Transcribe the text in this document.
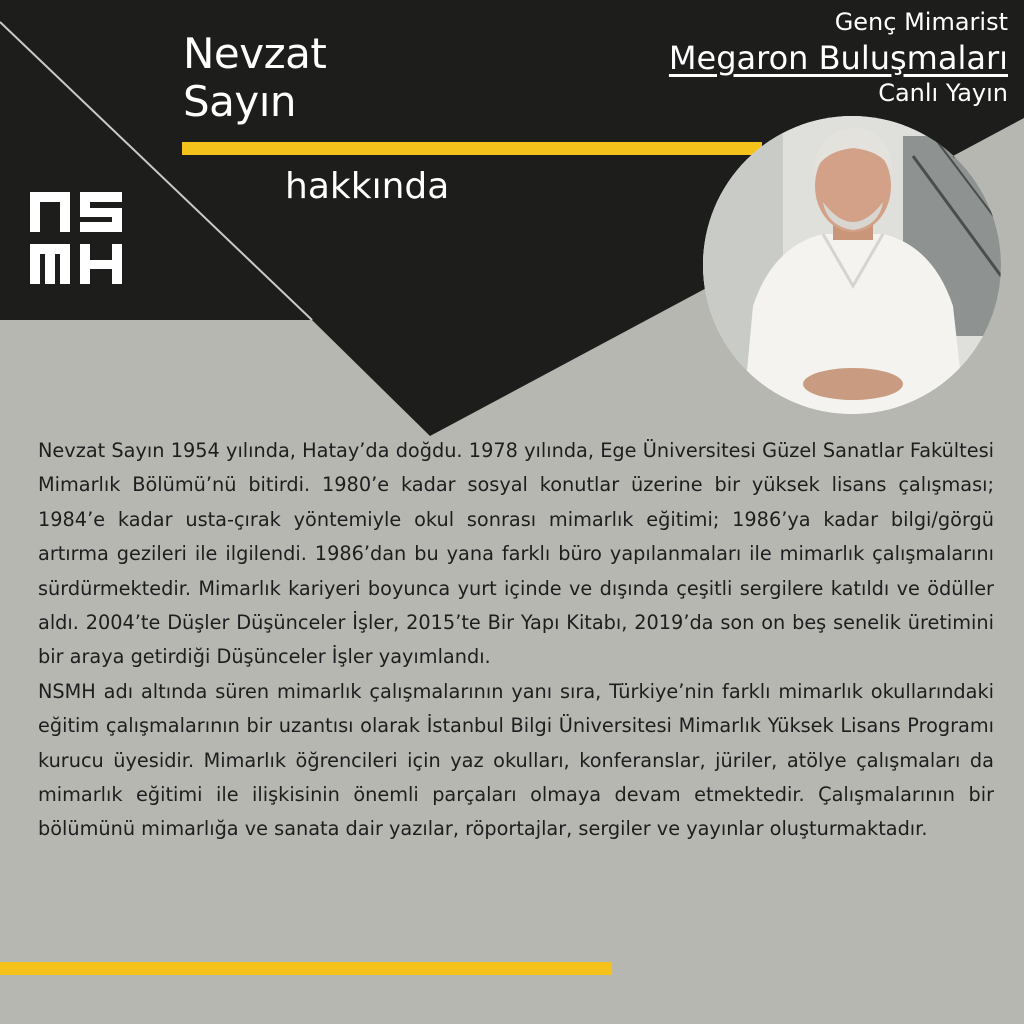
Nevzat
Sayın
hakkında
Genç Mimarist
Megaron Buluşmaları
Canlı Yayın

Nevzat Sayın 1954 yılında, Hatay’da doğdu. 1978 yılında, Ege Üniversitesi Güzel Sanatlar Fakültesi Mimarlık Bölümü’nü bitirdi. 1980’e kadar sosyal konutlar üzerine bir yüksek lisans çalışması; 1984’e kadar usta-çırak yöntemiyle okul sonrası mimarlık eğitimi; 1986’ya kadar bilgi/görgü artırma gezileri ile ilgilendi. 1986’dan bu yana farklı büro yapılanmaları ile mimarlık çalışmalarını sürdürmektedir. Mimarlık kariyeri boyunca yurt içinde ve dışında çeşitli sergilere katıldı ve ödüller aldı. 2004’te Düşler Düşünceler İşler, 2015’te Bir Yapı Kitabı, 2019’da son on beş senelik üretimini bir araya getirdiği Düşünceler İşler yayımlandı.

NSMH adı altında süren mimarlık çalışmalarının yanı sıra, Türkiye’nin farklı mimarlık okullarındaki eğitim çalışmalarının bir uzantısı olarak İstanbul Bilgi Üniversitesi Mimarlık Yüksek Lisans Programı kurucu üyesidir. Mimarlık öğrencileri için yaz okulları, konferanslar, jüriler, atölye çalışmaları da mimarlık eğitimi ile ilişkisinin önemli parçaları olmaya devam etmektedir. Çalışmalarının bir bölümünü mimarlığa ve sanata dair yazılar, röportajlar, sergiler ve yayınlar oluşturmaktadır.
